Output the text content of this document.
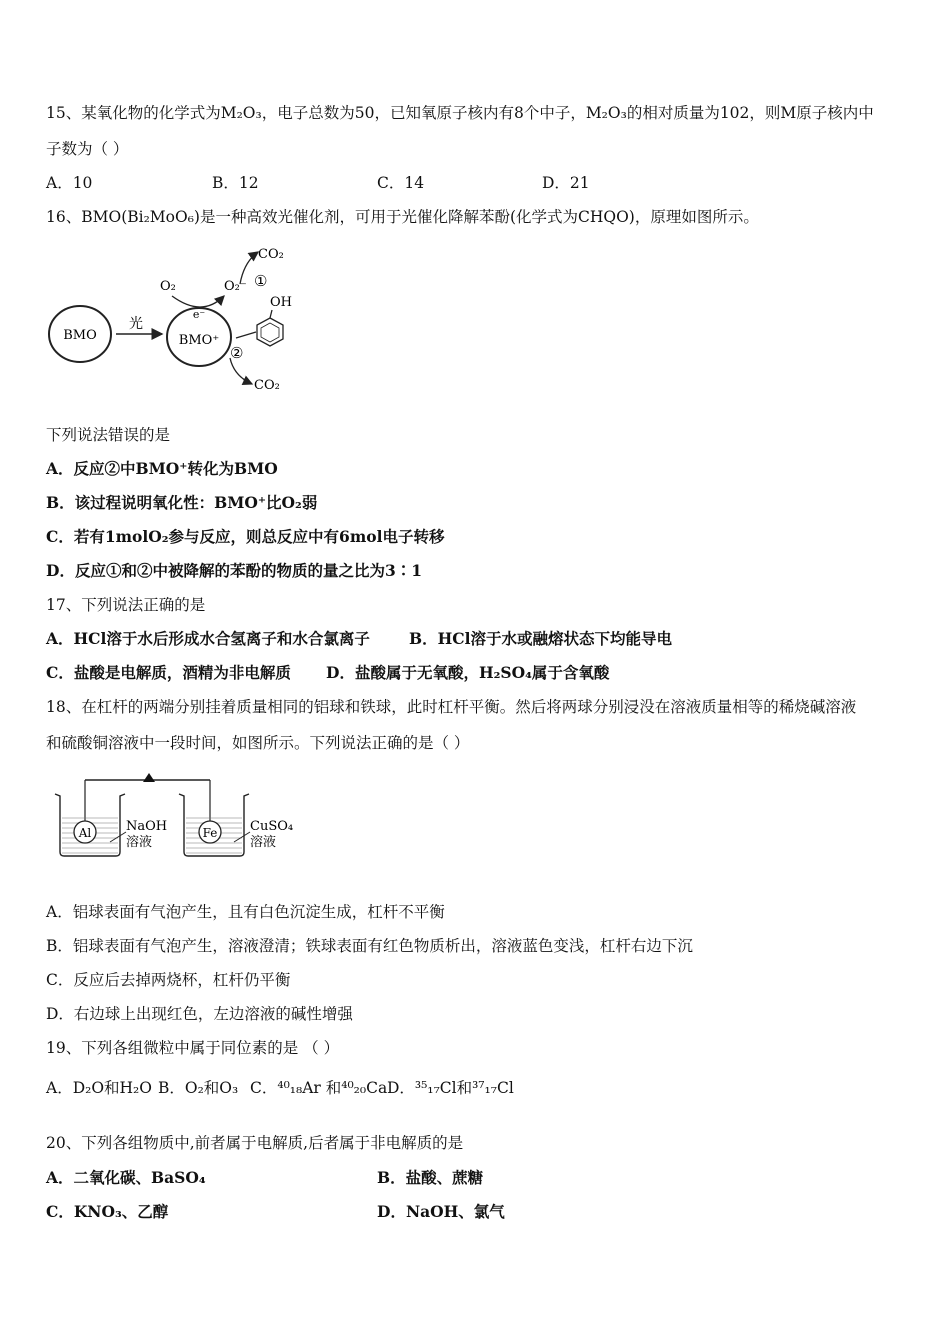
15、某氧化物的化学式为M₂O₃，电子总数为50，已知氧原子核内有8个中子，M₂O₃的相对质量为102，则M原子核内中
子数为（ ）
A．10	B．12	C．14	D．21
16、BMO(Bi₂MoO₆)是一种高效光催化剂，可用于光催化降解苯酚(化学式为CHQO)，原理如图所示。
BMO
光
BMO⁺
e⁻
O₂	O₂⁻
CO₂
①
OH
②
CO₂
下列说法错误的是
A．反应②中BMO⁺转化为BMO
B．该过程说明氧化性：BMO⁺比O₂弱
C．若有1molO₂参与反应，则总反应中有6mol电子转移
D．反应①和②中被降解的苯酚的物质的量之比为3∶1
17、下列说法正确的是
A．HCl溶于水后形成水合氢离子和水合氯离子	B．HCl溶于水或融熔状态下均能导电
C．盐酸是电解质，酒精为非电解质 D．盐酸属于无氧酸，H₂SO₄属于含氧酸
18、在杠杆的两端分别挂着质量相同的铝球和铁球，此时杠杆平衡。然后将两球分别浸没在溶液质量相等的稀烧碱溶液
和硫酸铜溶液中一段时间，如图所示。下列说法正确的是（ ）
Al	NaOH
溶液
Fe	CuSO₄
溶液
A．铝球表面有气泡产生，且有白色沉淀生成，杠杆不平衡
B．铝球表面有气泡产生，溶液澄清；铁球表面有红色物质析出，溶液蓝色变浅，杠杆右边下沉
C．反应后去掉两烧杯，杠杆仍平衡
D．右边球上出现红色，左边溶液的碱性增强
19、下列各组微粒中属于同位素的是 （ ）
A．D₂O和H₂O B．O₂和O₃ C．⁴⁰₁₈Ar 和⁴⁰₂₀Ca D．³⁵₁₇Cl和³⁷₁₇Cl
20、下列各组物质中,前者属于电解质,后者属于非电解质的是
A．二氧化碳、BaSO₄	B．盐酸、蔗糖
C．KNO₃、乙醇	D．NaOH、氯气
